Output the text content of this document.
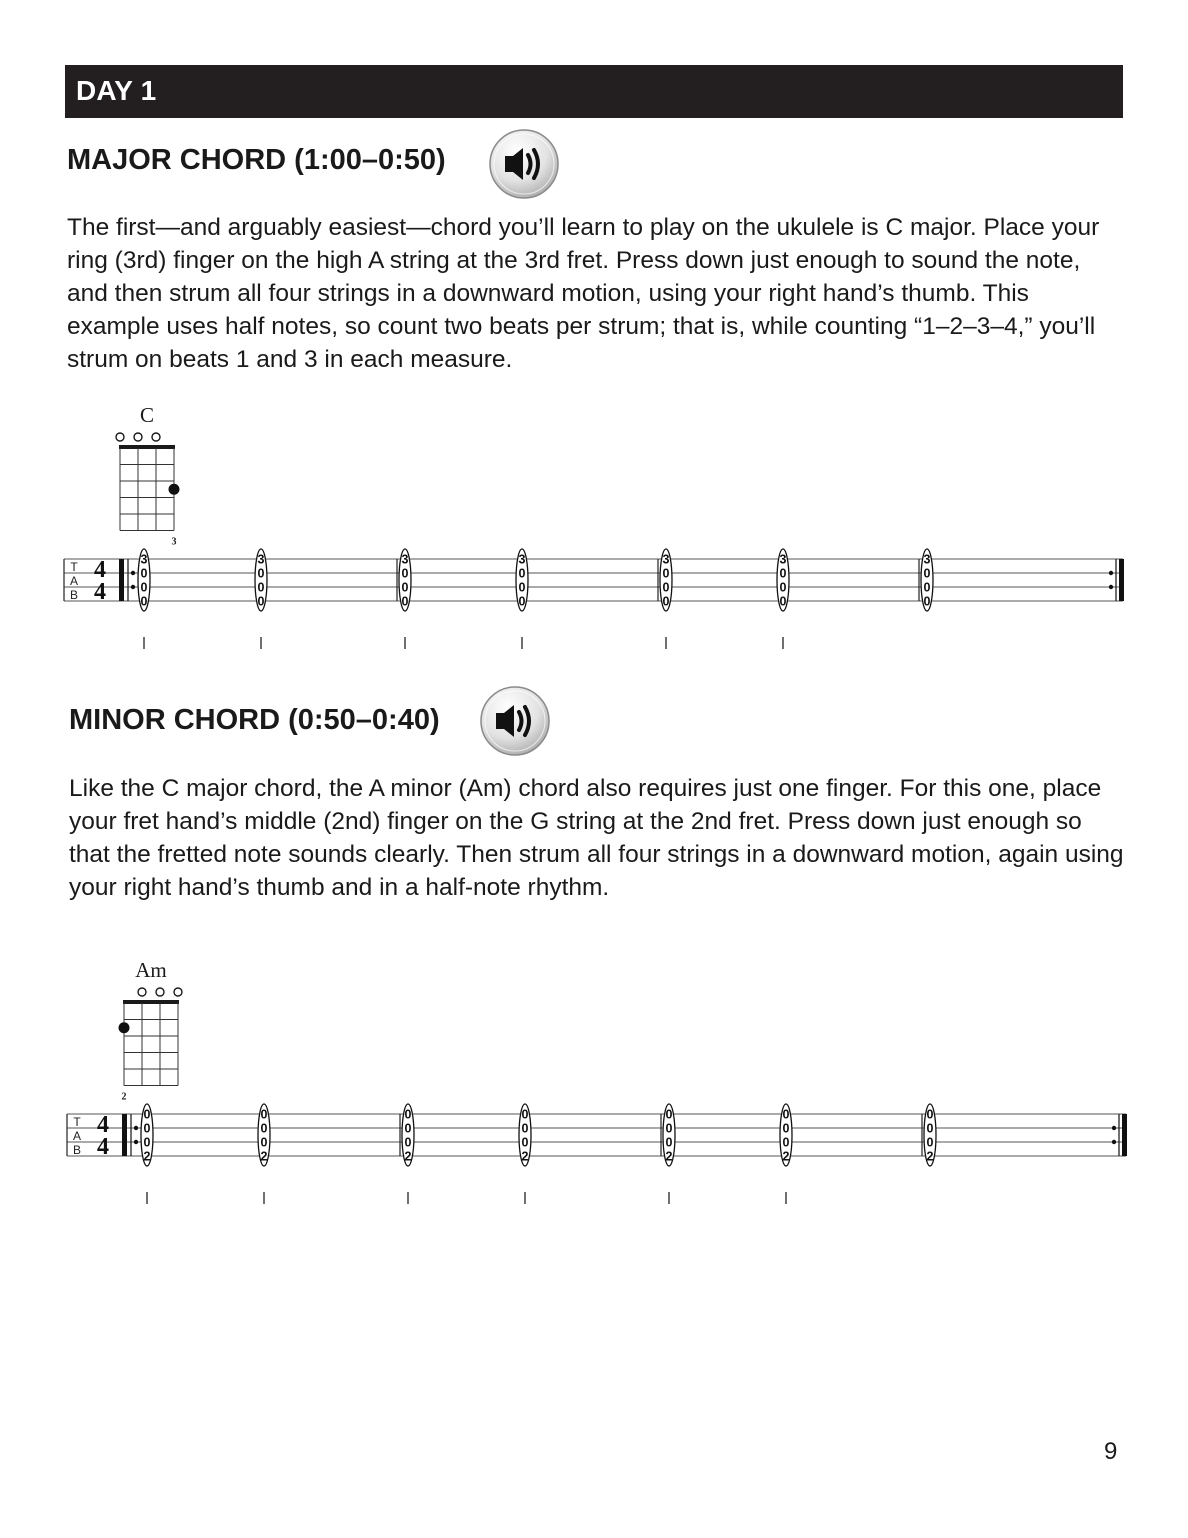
DAY 1
MAJOR CHORD (1:00–0:50)

The first—and arguably easiest—chord you’ll learn to play on the ukulele is C major. Place your ring (3rd) finger on the high A string at the 3rd fret. Press down just enough to sound the note, and then strum all four strings in a downward motion, using your right hand’s thumb. This example uses half notes, so count two beats per strum; that is, while counting “1–2–3–4,” you’ll strum on beats 1 and 3 in each measure.

C
3
T
A
B
4
4
3
0
0
0
3
0
0
0
3
0
0
0
3
0
0
0
3
0
0
0
3
0
0
0
3
0
0
0
MINOR CHORD (0:50–0:40)

Like the C major chord, the A minor (Am) chord also requires just one finger. For this one, place your fret hand’s middle (2nd) finger on the G string at the 2nd fret. Press down just enough so that the fretted note sounds clearly. Then strum all four strings in a downward motion, again using your right hand’s thumb and in a half-note rhythm.

Am
2
T
A
B
4
4
0
0
0
2
0
0
0
2
0
0
0
2
0
0
0
2
0
0
0
2
0
0
0
2
0
0
0
2
9
